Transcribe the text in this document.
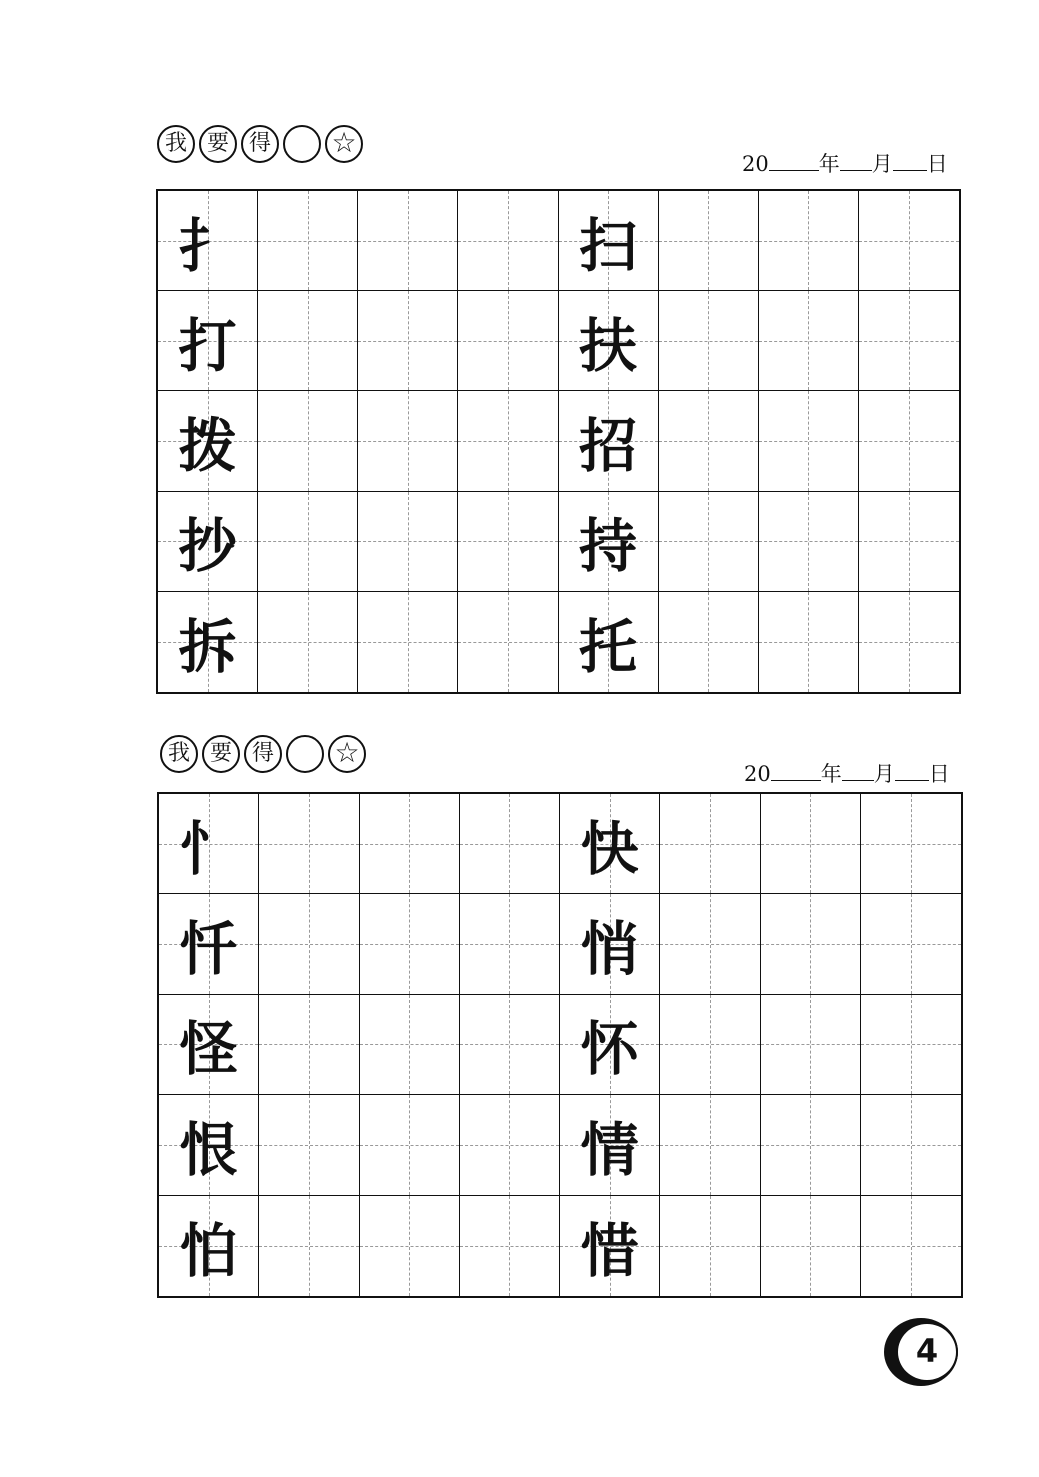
我 要 得 ☆
20 年 月 日
扌	扫
打	扶
拨	招
抄	持
拆	托
我 要 得 ☆
20 年 月 日
忄	快
忏	悄
怪	怀
恨	情
怕	惜
4
